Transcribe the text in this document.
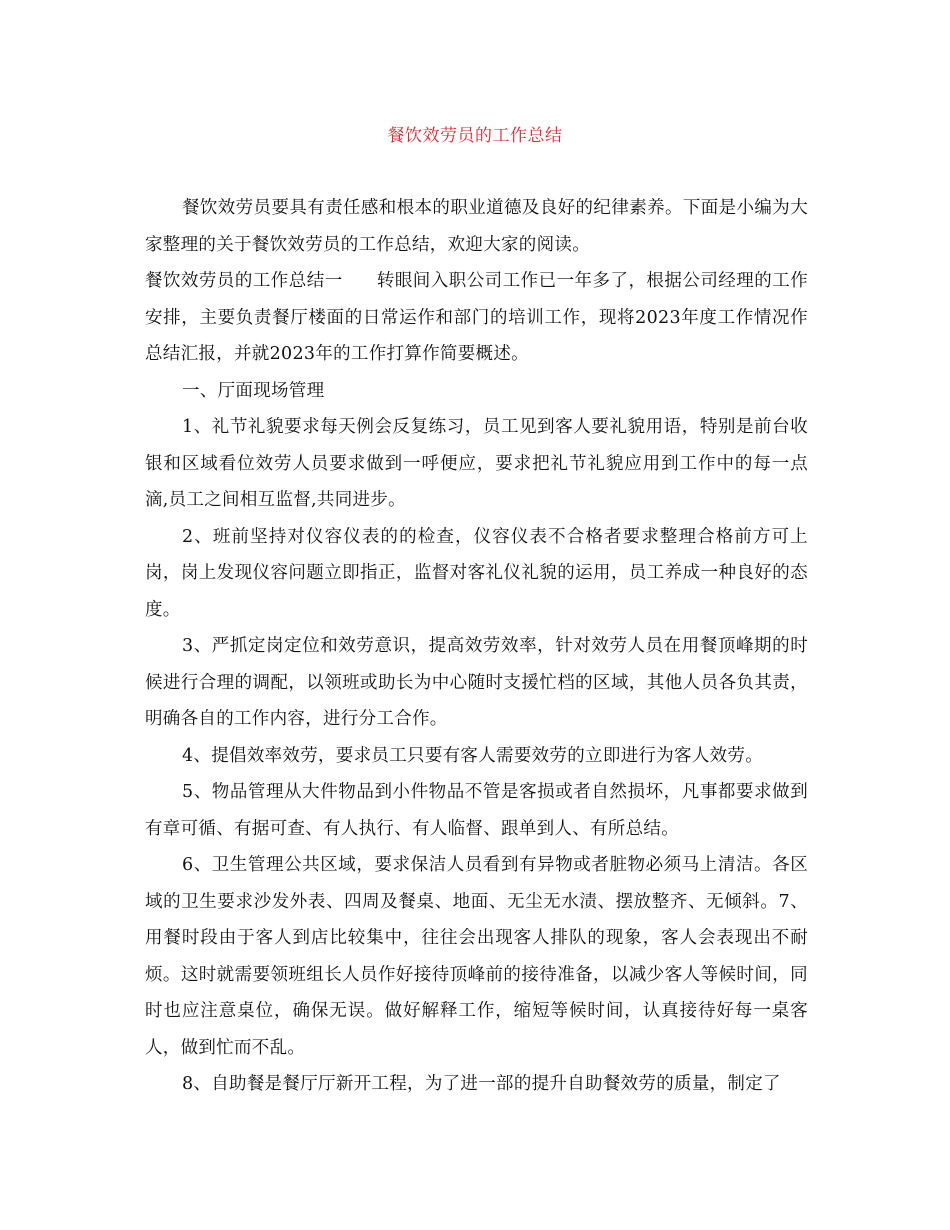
餐饮效劳员的工作总结

餐饮效劳员要具有责任感和根本的职业道德及良好的纪律素养。下面是小编为大家整理的关于餐饮效劳员的工作总结，欢迎大家的阅读。

餐饮效劳员的工作总结一 转眼间入职公司工作已一年多了，根据公司经理的工作安排，主要负责餐厅楼面的日常运作和部门的培训工作，现将2023年度工作情况作总结汇报，并就2023年的工作打算作简要概述。

一、厅面现场管理

1、礼节礼貌要求每天例会反复练习，员工见到客人要礼貌用语，特别是前台收银和区域看位效劳人员要求做到一呼便应，要求把礼节礼貌应用到工作中的每一点滴,员工之间相互监督,共同进步。

2、班前坚持对仪容仪表的的检查，仪容仪表不合格者要求整理合格前方可上岗，岗上发现仪容问题立即指正，监督对客礼仪礼貌的运用，员工养成一种良好的态度。

3、严抓定岗定位和效劳意识，提高效劳效率，针对效劳人员在用餐顶峰期的时候进行合理的调配，以领班或助长为中心随时支援忙档的区域，其他人员各负其责，明确各自的工作内容，进行分工合作。

4、提倡效率效劳，要求员工只要有客人需要效劳的立即进行为客人效劳。

5、物品管理从大件物品到小件物品不管是客损或者自然损坏，凡事都要求做到有章可循、有据可查、有人执行、有人临督、跟单到人、有所总结。

6、卫生管理公共区域，要求保洁人员看到有异物或者脏物必须马上清洁。各区域的卫生要求沙发外表、四周及餐桌、地面、无尘无水渍、摆放整齐、无倾斜。7、用餐时段由于客人到店比较集中，往往会出现客人排队的现象，客人会表现出不耐烦。这时就需要领班组长人员作好接待顶峰前的接待准备，以减少客人等候时间，同时也应注意桌位，确保无误。做好解释工作，缩短等候时间，认真接待好每一桌客人，做到忙而不乱。

8、自助餐是餐厅厅新开工程，为了进一部的提升自助餐效劳的质量，制定了
